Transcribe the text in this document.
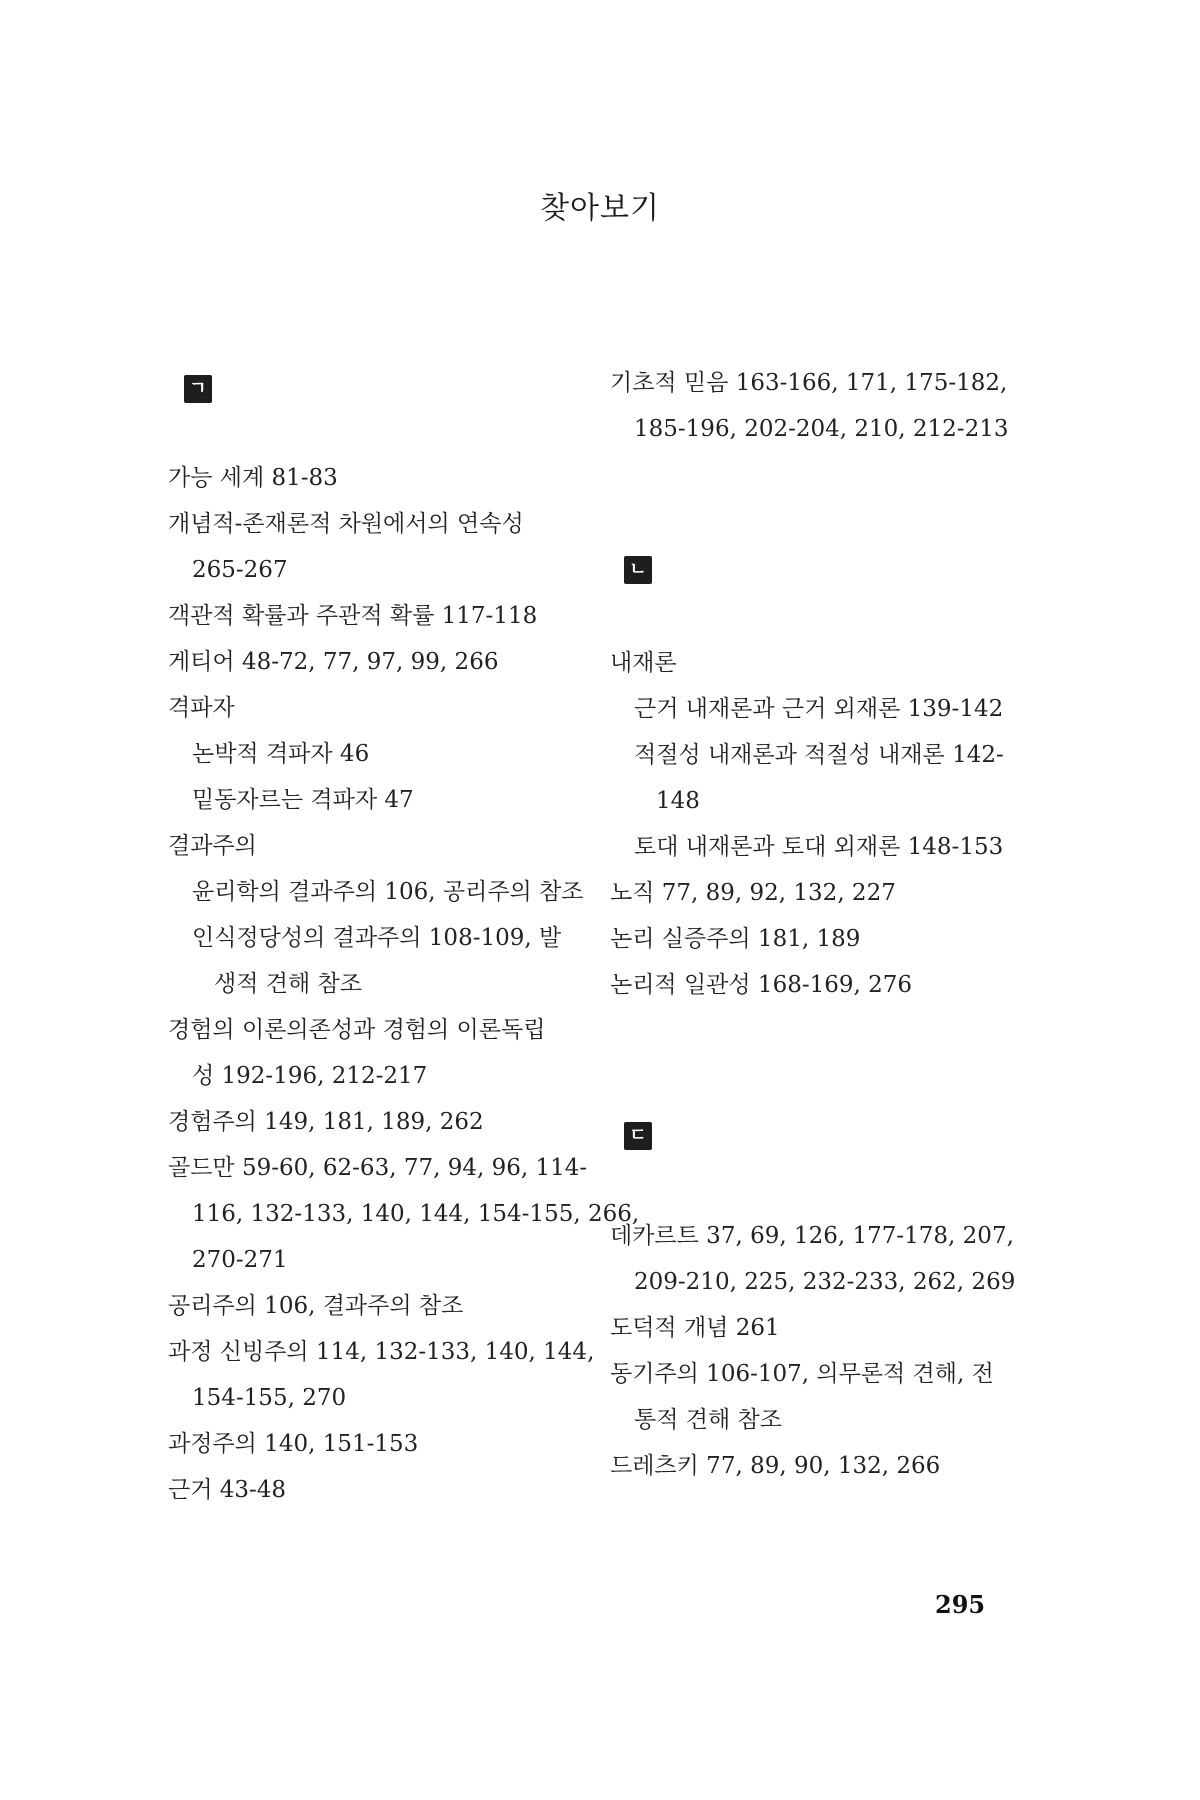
찾아보기
ㄱ
가능 세계 81-83
개념적-존재론적 차원에서의 연속성
265-267
객관적 확률과 주관적 확률 117-118
게티어 48-72, 77, 97, 99, 266
격파자
논박적 격파자 46
밑동자르는 격파자 47
결과주의
윤리학의 결과주의 106, 공리주의 참조
인식정당성의 결과주의 108-109, 발
생적 견해 참조
경험의 이론의존성과 경험의 이론독립
성 192-196, 212-217
경험주의 149, 181, 189, 262
골드만 59-60, 62-63, 77, 94, 96, 114-
116, 132-133, 140, 144, 154-155, 266,
270-271
공리주의 106, 결과주의 참조
과정 신빙주의 114, 132-133, 140, 144,
154-155, 270
과정주의 140, 151-153
근거 43-48
기초적 믿음 163-166, 171, 175-182,
185-196, 202-204, 210, 212-213
ㄴ
내재론
근거 내재론과 근거 외재론 139-142
적절성 내재론과 적절성 내재론 142-
148
토대 내재론과 토대 외재론 148-153
노직 77, 89, 92, 132, 227
논리 실증주의 181, 189
논리적 일관성 168-169, 276
ㄷ
데카르트 37, 69, 126, 177-178, 207,
209-210, 225, 232-233, 262, 269
도덕적 개념 261
동기주의 106-107, 의무론적 견해, 전
통적 견해 참조
드레츠키 77, 89, 90, 132, 266
295
